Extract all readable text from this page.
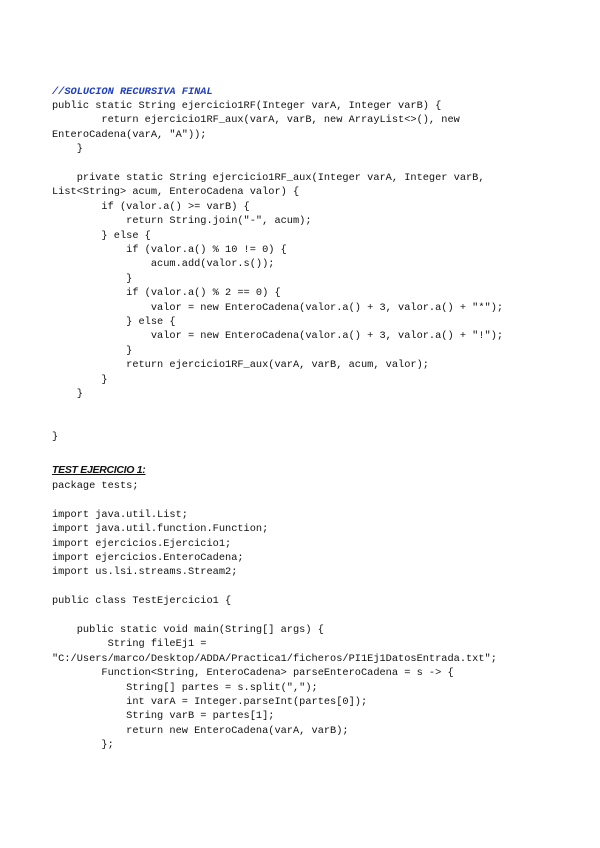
//SOLUCION RECURSIVA FINAL
public static String ejercicio1RF(Integer varA, Integer varB) {
return ejercicio1RF_aux(varA, varB, new ArrayList<>(), new
EnteroCadena(varA, "A"));
}
private static String ejercicio1RF_aux(Integer varA, Integer varB,
List<String> acum, EnteroCadena valor) {
if (valor.a() >= varB) {
return String.join("-", acum);
} else {
if (valor.a() % 10 != 0) {
acum.add(valor.s());
}
if (valor.a() % 2 == 0) {
valor = new EnteroCadena(valor.a() + 3, valor.a() + "*");
} else {
valor = new EnteroCadena(valor.a() + 3, valor.a() + "!");
}
return ejercicio1RF_aux(varA, varB, acum, valor);
}
}
}
TEST EJERCICIO 1:
package tests;
import java.util.List;
import java.util.function.Function;
import ejercicios.Ejercicio1;
import ejercicios.EnteroCadena;
import us.lsi.streams.Stream2;
public class TestEjercicio1 {
public static void main(String[] args) {
String fileEj1 =
"C:/Users/marco/Desktop/ADDA/Practica1/ficheros/PI1Ej1DatosEntrada.txt";
Function<String, EnteroCadena> parseEnteroCadena = s -> {
String[] partes = s.split(",");
int varA = Integer.parseInt(partes[0]);
String varB = partes[1];
return new EnteroCadena(varA, varB);
};
